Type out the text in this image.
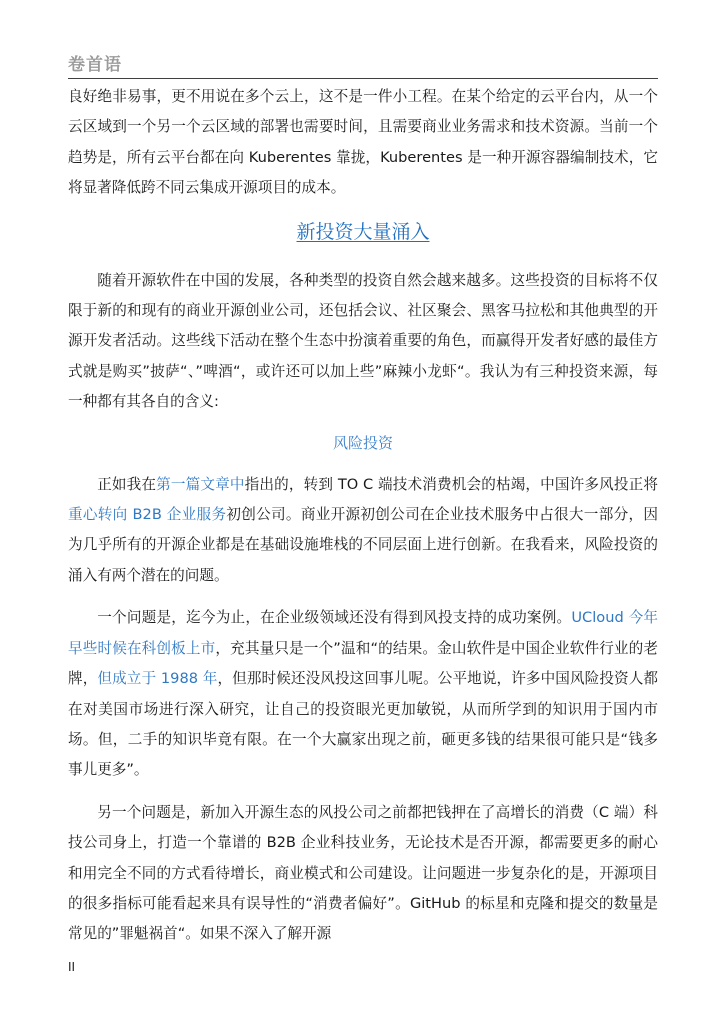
卷首语

良好绝非易事，更不用说在多个云上，这不是一件小工程。在某个给定的云平台内，从一个云区域到一个另一个云区域的部署也需要时间，且需要商业业务需求和技术资源。当前一个趋势是，所有云平台都在向 Kuberentes 靠拢，Kuberentes 是一种开源容器编制技术，它将显著降低跨不同云集成开源项目的成本。

新投资大量涌入

随着开源软件在中国的发展，各种类型的投资自然会越来越多。这些投资的目标将不仅限于新的和现有的商业开源创业公司，还包括会议、社区聚会、黑客马拉松和其他典型的开源开发者活动。这些线下活动在整个生态中扮演着重要的角色，而赢得开发者好感的最佳方式就是购买”披萨“、”啤酒“，或许还可以加上些”麻辣小龙虾“。我认为有三种投资来源，每一种都有其各自的含义:

风险投资

正如我在第一篇文章中指出的，转到 TO C 端技术消费机会的枯竭，中国许多风投正将重心转向 B2B 企业服务初创公司。商业开源初创公司在企业技术服务中占很大一部分，因为几乎所有的开源企业都是在基础设施堆栈的不同层面上进行创新。在我看来，风险投资的涌入有两个潜在的问题。

一个问题是，迄今为止，在企业级领域还没有得到风投支持的成功案例。UCloud 今年早些时候在科创板上市，充其量只是一个”温和“的结果。金山软件是中国企业软件行业的老牌，但成立于 1988 年，但那时候还没风投这回事儿呢。公平地说，许多中国风险投资人都在对美国市场进行深入研究，让自己的投资眼光更加敏锐，从而所学到的知识用于国内市场。但，二手的知识毕竟有限。在一个大赢家出现之前，砸更多钱的结果很可能只是“钱多事儿更多”。

另一个问题是，新加入开源生态的风投公司之前都把钱押在了高增长的消费（C 端）科技公司身上，打造一个靠谱的 B2B 企业科技业务，无论技术是否开源，都需要更多的耐心和用完全不同的方式看待增长，商业模式和公司建设。让问题进一步复杂化的是，开源项目的很多指标可能看起来具有误导性的“消费者偏好”。GitHub 的标星和克隆和提交的数量是常见的”罪魁祸首“。如果不深入了解开源

II
